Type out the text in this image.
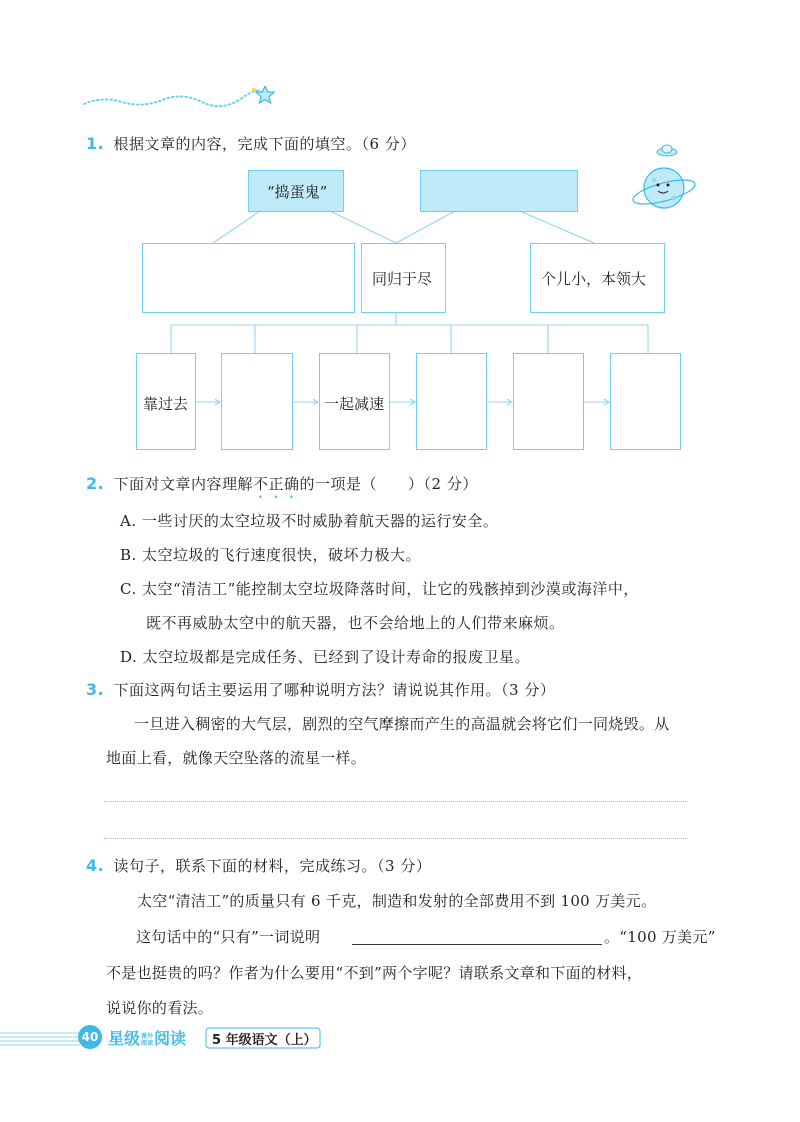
1. 根据文章的内容，完成下面的填空。（6 分）
“捣蛋鬼”
同归于尽	个儿小，本领大
靠过去	一起减速
2. 下面对文章内容理解不正确的一项是（　　）（2 分）
A. 一些讨厌的太空垃圾不时威胁着航天器的运行安全。
B. 太空垃圾的飞行速度很快，破坏力极大。
C. 太空“清洁工”能控制太空垃圾降落时间，让它的残骸掉到沙漠或海洋中，
既不再威胁太空中的航天器，也不会给地上的人们带来麻烦。
D. 太空垃圾都是完成任务、已经到了设计寿命的报废卫星。
3. 下面这两句话主要运用了哪种说明方法？请说说其作用。（3 分）
一旦进入稠密的大气层，剧烈的空气摩擦而产生的高温就会将它们一同烧毁。从
地面上看，就像天空坠落的流星一样。
4. 读句子，联系下面的材料，完成练习。（3 分）
太空“清洁工”的质量只有 6 千克，制造和发射的全部费用不到 100 万美元。
这句话中的“只有”一词说明	。“100 万美元”
不是也挺贵的吗？作者为什么要用“不到”两个字呢？请联系文章和下面的材料，
说说你的看法。
40 星级 课外
阅读 阅读 5 年级语文（上）
